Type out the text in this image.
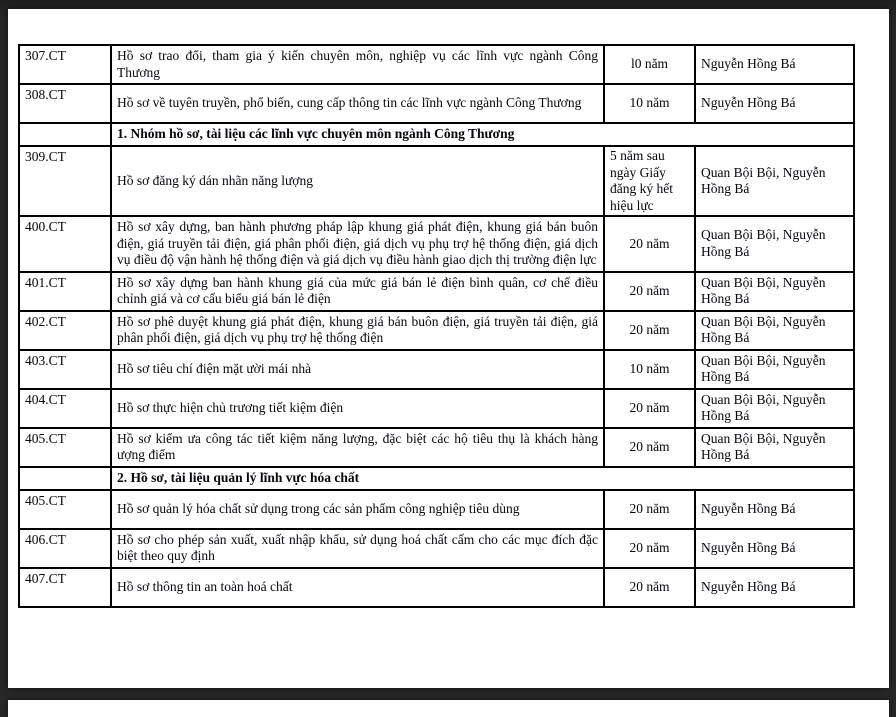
307.CT	Hồ sơ trao đổi, tham gia ý kiến chuyên môn, nghiệp vụ các lĩnh vực ngành Công Thương	l0 năm	Nguyễn Hồng Bá
308.CT	Hồ sơ về tuyên truyền, phổ biến, cung cấp thông tin các lĩnh vực ngành Công Thương	10 năm	Nguyễn Hồng Bá
	1. Nhóm hồ sơ, tài liệu các lĩnh vực chuyên môn ngành Công Thương		
309.CT	Hồ sơ đăng ký dán nhãn năng lượng	5 năm sau ngày Giấy đăng ký hết hiệu lực	Quan Bội Bội, Nguyễn Hồng Bá
400.CT	Hồ sơ xây dựng, ban hành phương pháp lập khung giá phát điện, khung giá bán buôn điện, giá truyền tải điện, giá phân phối điện, giá dịch vụ phụ trợ hệ thống điện, giá dịch vụ điều độ vận hành hệ thống điện và giá dịch vụ điều hành giao dịch thị trường điện lực	20 năm	Quan Bội Bội, Nguyễn Hồng Bá
401.CT	Hồ sơ xây dựng ban hành khung giá của mức giá bán lẻ điện bình quân, cơ chế điều chỉnh giá và cơ cấu biểu giá bán lẻ điện	20 năm	Quan Bội Bội, Nguyễn Hồng Bá
402.CT	Hồ sơ phê duyệt khung giá phát điện, khung giá bán buôn điện, giá truyền tải điện, giá phân phối điện, giá dịch vụ phụ trợ hệ thống điện	20 năm	Quan Bội Bội, Nguyễn Hồng Bá
403.CT	Hồ sơ tiêu chí điện mặt ười mái nhà	10 năm	Quan Bội Bội, Nguyễn Hồng Bá
404.CT	Hồ sơ thực hiện chủ trương tiết kiệm điện	20 năm	Quan Bội Bội, Nguyễn Hồng Bá
405.CT	Hồ sơ kiểm ưa công tác tiết kiệm năng lượng, đặc biệt các hộ tiêu thụ là khách hàng ượng điểm	20 năm	Quan Bội Bội, Nguyễn Hồng Bá
	2. Hồ sơ, tài liệu quản lý lĩnh vực hóa chất		
405.CT	Hồ sơ quản lý hóa chất sử dụng trong các sản phẩm công nghiệp tiêu dùng	20 năm	Nguyễn Hồng Bá
406.CT	Hồ sơ cho phép sản xuất, xuất nhập khẩu, sử dụng hoá chất cấm cho các mục đích đặc biệt theo quy định	20 năm	Nguyễn Hồng Bá
407.CT	Hồ sơ thông tin an toàn hoá chất	20 năm	Nguyễn Hồng Bá
